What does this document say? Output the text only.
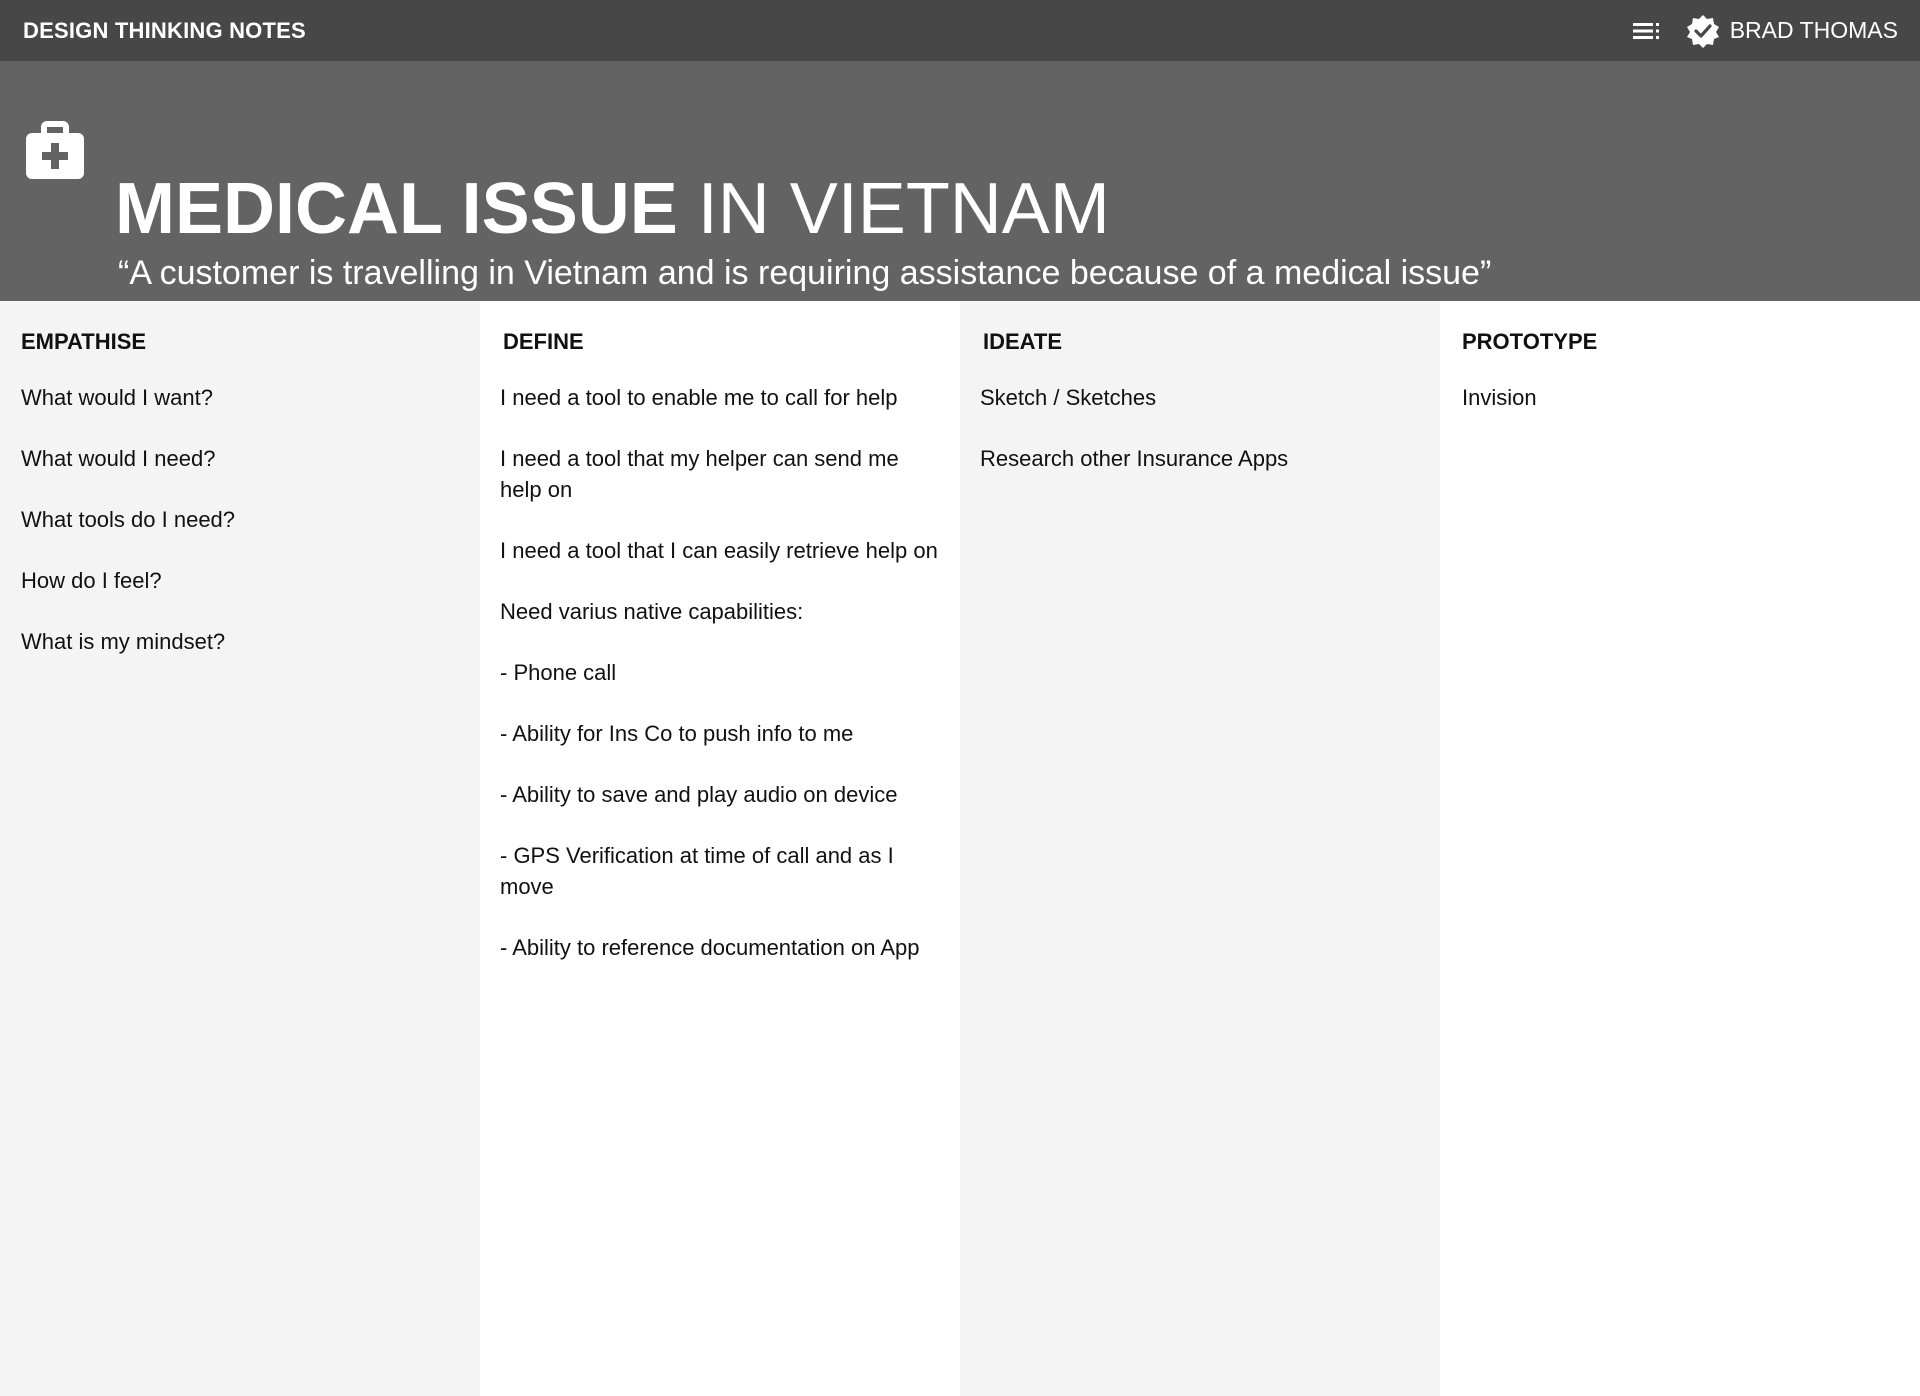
DESIGN THINKING NOTES	BRAD THOMAS
MEDICAL ISSUE IN VIETNAM

“A customer is travelling in Vietnam and is requiring assistance because of a medical issue”

EMPATHISE

What would I want?

What would I need?

What tools do I need?

How do I feel?

What is my mindset?

DEFINE

I need a tool to enable me to call for help

I need a tool that my helper can send me help on

I need a tool that I can easily retrieve help on

Need varius native capabilities:

- Phone call

- Ability for Ins Co to push info to me

- Ability to save and play audio on device

- GPS Verification at time of call and as I move

- Ability to reference documentation on App

IDEATE

Sketch / Sketches

Research other Insurance Apps

PROTOTYPE

Invision
